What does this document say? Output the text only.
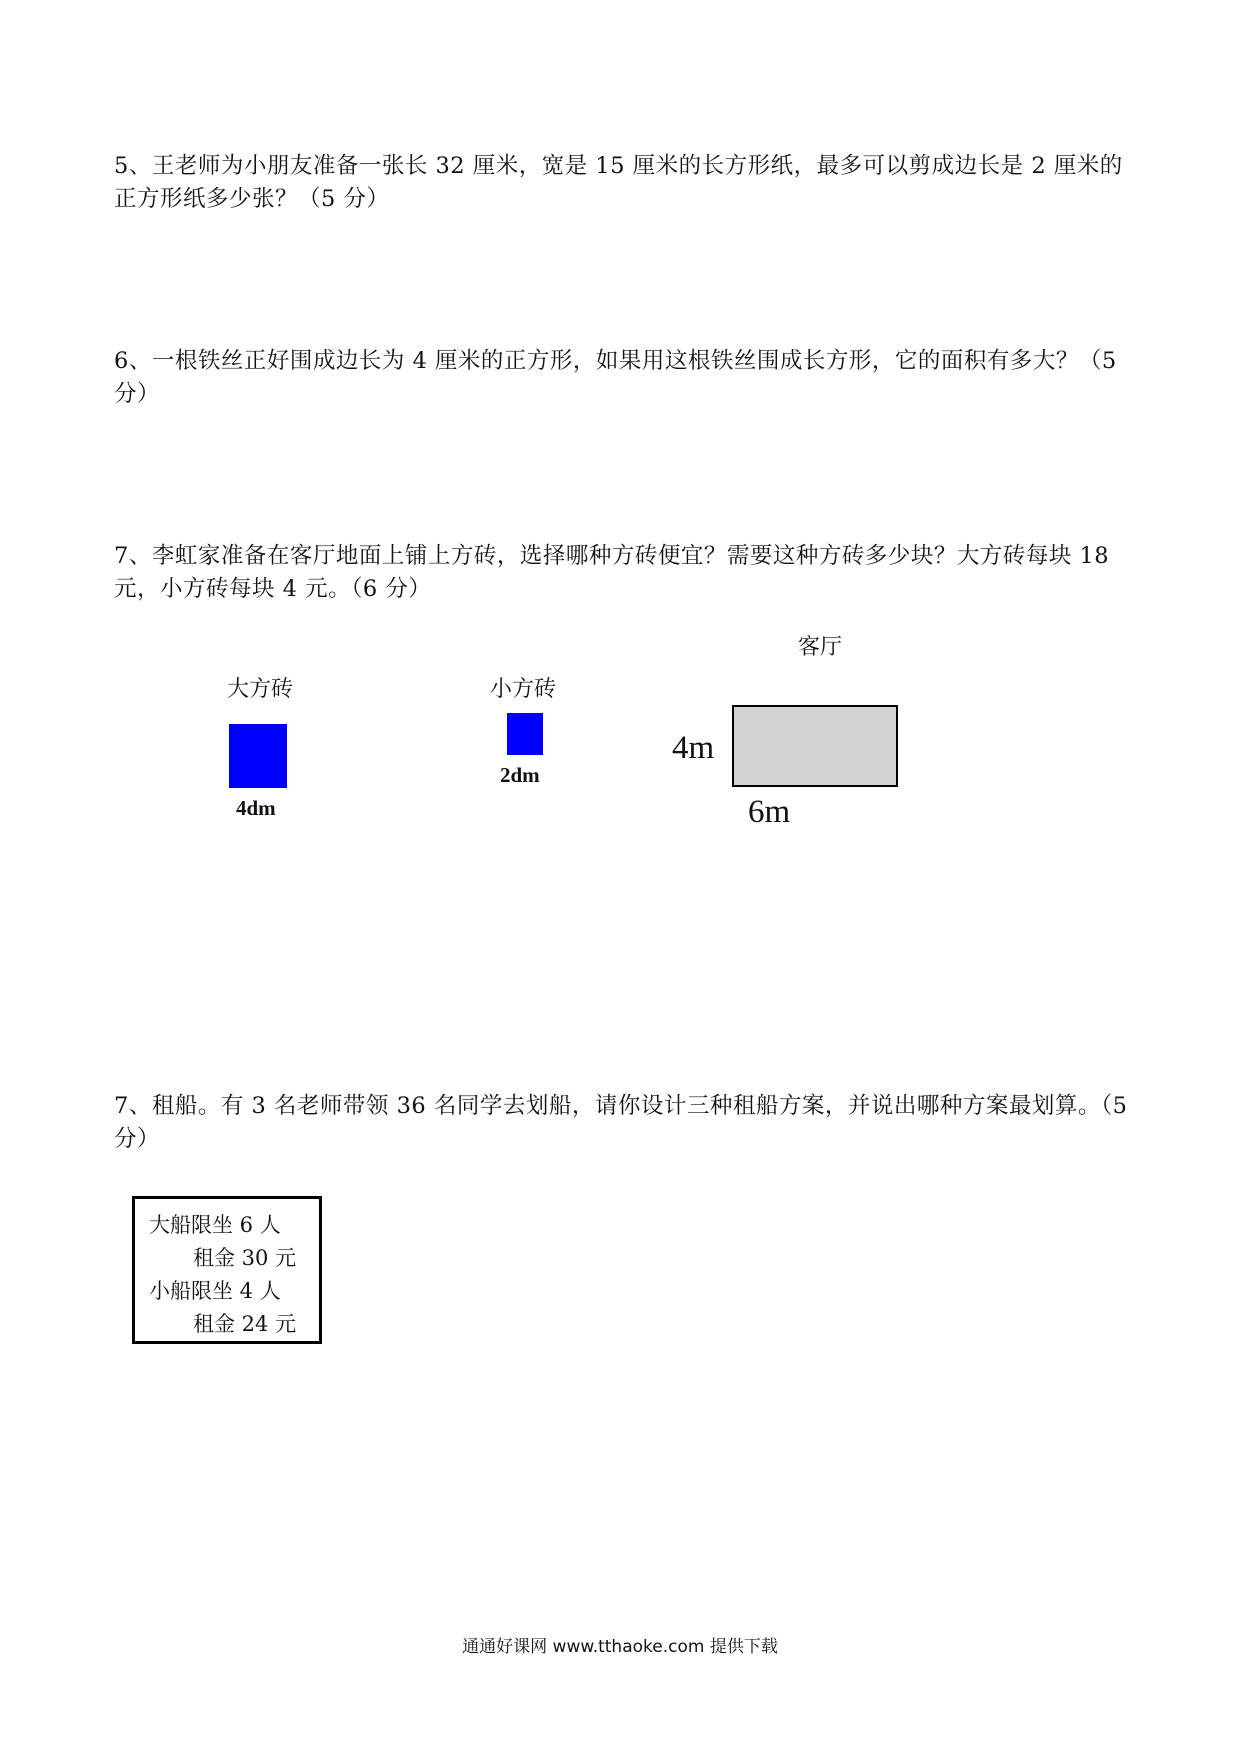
5、王老师为小朋友准备一张长 32 厘米，宽是 15 厘米的长方形纸，最多可以剪成边长是 2 厘米的正方形纸多少张？（5 分）
6、一根铁丝正好围成边长为 4 厘米的正方形，如果用这根铁丝围成长方形，它的面积有多大？（5 分）
7、李虹家准备在客厅地面上铺上方砖，选择哪种方砖便宜？需要这种方砖多少块？大方砖每块 18 元，小方砖每块 4 元。（6 分）
大方砖
4dm
小方砖
2dm
客厅
4m
6m
7、租船。有 3 名老师带领 36 名同学去划船，请你设计三种租船方案，并说出哪种方案最划算。（5 分）
大船限坐 6 人
租金 30 元
小船限坐 4 人
租金 24 元
通通好课网 www.tthaoke.com 提供下载
